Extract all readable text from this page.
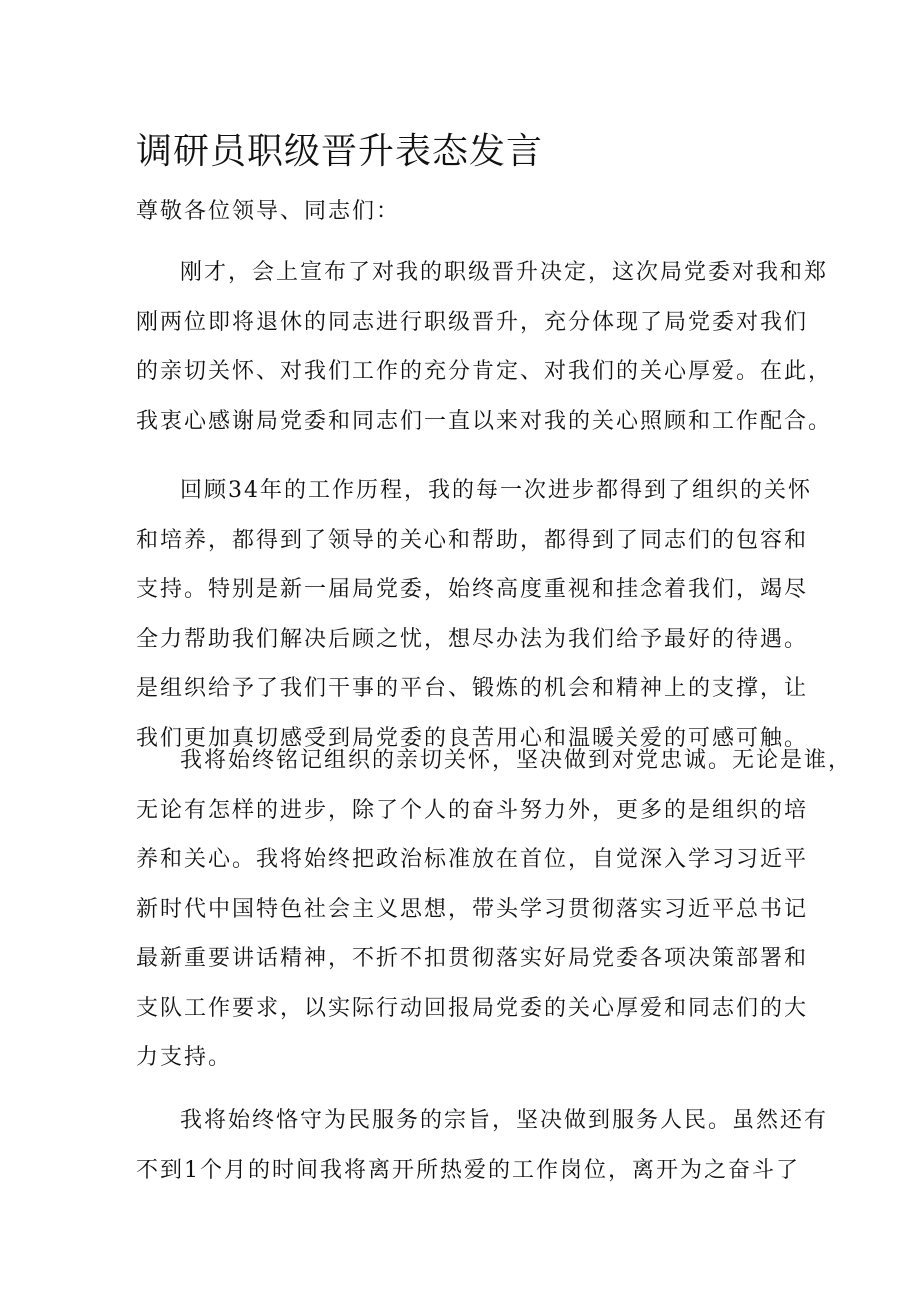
调研员职级晋升表态发言

尊敬各位领导、同志们：

刚才，会上宣布了对我的职级晋升决定，这次局党委对我和郑
刚两位即将退休的同志进行职级晋升，充分体现了局党委对我们
的亲切关怀、对我们工作的充分肯定、对我们的关心厚爱。在此，
我衷心感谢局党委和同志们一直以来对我的关心照顾和工作配合。
回顾34年的工作历程，我的每一次进步都得到了组织的关怀
和培养，都得到了领导的关心和帮助，都得到了同志们的包容和
支持。特别是新一届局党委，始终高度重视和挂念着我们，竭尽
全力帮助我们解决后顾之忧，想尽办法为我们给予最好的待遇。
是组织给予了我们干事的平台、锻炼的机会和精神上的支撑，让
我们更加真切感受到局党委的良苦用心和温暖关爱的可感可触。
我将始终铭记组织的亲切关怀，坚决做到对党忠诚。无论是谁，
无论有怎样的进步，除了个人的奋斗努力外，更多的是组织的培
养和关心。我将始终把政治标准放在首位，自觉深入学习习近平
新时代中国特色社会主义思想，带头学习贯彻落实习近平总书记
最新重要讲话精神，不折不扣贯彻落实好局党委各项决策部署和
支队工作要求，以实际行动回报局党委的关心厚爱和同志们的大
力支持。
我将始终恪守为民服务的宗旨，坚决做到服务人民。虽然还有
不到1个月的时间我将离开所热爱的工作岗位，离开为之奋斗了
